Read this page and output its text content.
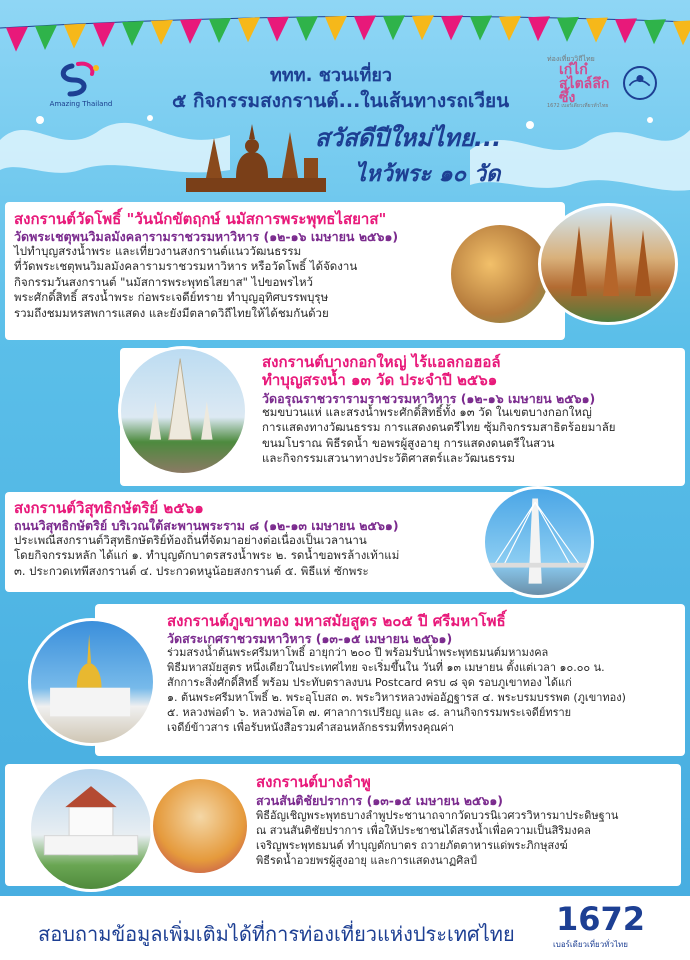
Amazing Thailand
ท่องเที่ยววิถีไทย
เก๋ไก๋สไตล์ลึกซึ้ง
1672 เบอร์เดียวเที่ยวทั่วไทย
ททท. ชวนเที่ยว
๕ กิจกรรมสงกรานต์...ในเส้นทางรถเวียน
สวัสดีปีใหม่ไทย...
ไหว้พระ ๑๐ วัด
สงกรานต์วัดโพธิ์ "วันนักขัตฤกษ์ นมัสการพระพุทธไสยาส"
วัดพระเชตุพนวิมลมังคลารามราชวรมหาวิหาร (๑๒-๑๖ เมษายน ๒๕๖๑)
ไปทำบุญสรงน้ำพระ และเที่ยวงานสงกรานต์แนววัฒนธรรม
ที่วัดพระเชตุพนวิมลมังคลารามราชวรมหาวิหาร หรือวัดโพธิ์ ได้จัดงาน
กิจกรรมวันสงกรานต์ "นมัสการพระพุทธไสยาส" ไปขอพรไหว้
พระศักดิ์สิทธิ์ สรงน้ำพระ ก่อพระเจดีย์ทราย ทำบุญอุทิศบรรพบุรุษ
รวมถึงชมมหรสพการแสดง และยังมีตลาดวิถีไทยให้ได้ชมกันด้วย
สงกรานต์บางกอกใหญ่ ไร้แอลกอฮอล์
ทำบุญสรงน้ำ ๑๓ วัด ประจำปี ๒๕๖๑
วัดอรุณราชวรารามราชวรมหาวิหาร (๑๒-๑๖ เมษายน ๒๕๖๑)
ชมขบวนแห่ และสรงน้ำพระศักดิ์สิทธิ์ทั้ง ๑๓ วัด ในเขตบางกอกใหญ่
การแสดงทางวัฒนธรรม การแสดงดนตรีไทย ซุ้มกิจกรรมสาธิตร้อยมาลัย
ขนมโบราณ พิธีรดน้ำ ขอพรผู้สูงอายุ การแสดงดนตรีในสวน
และกิจกรรมเสวนาทางประวัติศาสตร์และวัฒนธรรม
สงกรานต์วิสุทธิกษัตริย์ ๒๕๖๑
ถนนวิสุทธิกษัตริย์ บริเวณใต้สะพานพระราม ๘ (๑๒-๑๓ เมษายน ๒๕๖๑)
ประเพณีสงกรานต์วิสุทธิกษัตริย์ท้องถิ่นที่จัดมาอย่างต่อเนื่องเป็นเวลานาน
โดยกิจกรรมหลัก ได้แก่ ๑. ทำบุญตักบาตรสรงน้ำพระ ๒. รดน้ำขอพรล้างเท้าแม่
๓. ประกวดเทพีสงกรานต์ ๔. ประกวดหนูน้อยสงกรานต์ ๕. พิธีแห่ ซักพระ
สงกรานต์ภูเขาทอง มหาสมัยสูตร ๒๐๕ ปี ศรีมหาโพธิ์
วัดสระเกศราชวรมหาวิหาร (๑๓-๑๕ เมษายน ๒๕๖๑)
ร่วมสรงน้ำต้นพระศรีมหาโพธิ์ อายุกว่า ๒๐๐ ปี พร้อมรับน้ำพระพุทธมนต์มหามงคล
พิธีมหาสมัยสูตร หนึ่งเดียวในประเทศไทย จะเริ่มขึ้นใน วันที่ ๑๓ เมษายน ตั้งแต่เวลา ๑๐.๐๐ น.
สักการะสิ่งศักดิ์สิทธิ์ พร้อม ประทับตราลงบน Postcard ครบ ๘ จุด รอบภูเขาทอง ได้แก่
๑. ต้นพระศรีมหาโพธิ์ ๒. พระอุโบสถ ๓. พระวิหารหลวงพ่ออัฏฐารส ๔. พระบรมบรรพต (ภูเขาทอง)
๕. หลวงพ่อดำ ๖. หลวงพ่อโต ๗. ศาลาการเปรียญ และ ๘. ลานกิจกรรมพระเจดีย์ทราย
เจดีย์ข้าวสาร เพื่อรับหนังสือรวมคำสอนหลักธรรมที่ทรงคุณค่า
สงกรานต์บางลำพู
สวนสันติชัยปราการ (๑๓-๑๕ เมษายน ๒๕๖๑)
พิธีอัญเชิญพระพุทธบางลำพูประชานาถจากวัดบวรนิเวศวรวิหารมาประดิษฐาน
ณ สวนสันติชัยปราการ เพื่อให้ประชาชนได้สรงน้ำเพื่อความเป็นสิริมงคล
เจริญพระพุทธมนต์ ทำบุญตักบาตร ถวายภัตตาหารแด่พระภิกษุสงฆ์
พิธีรดน้ำอวยพรผู้สูงอายุ และการแสดงนาฏศิลป์
สอบถามข้อมูลเพิ่มเติมได้ที่การท่องเที่ยวแห่งประเทศไทย 1672
เบอร์เดียวเที่ยวทั่วไทย
